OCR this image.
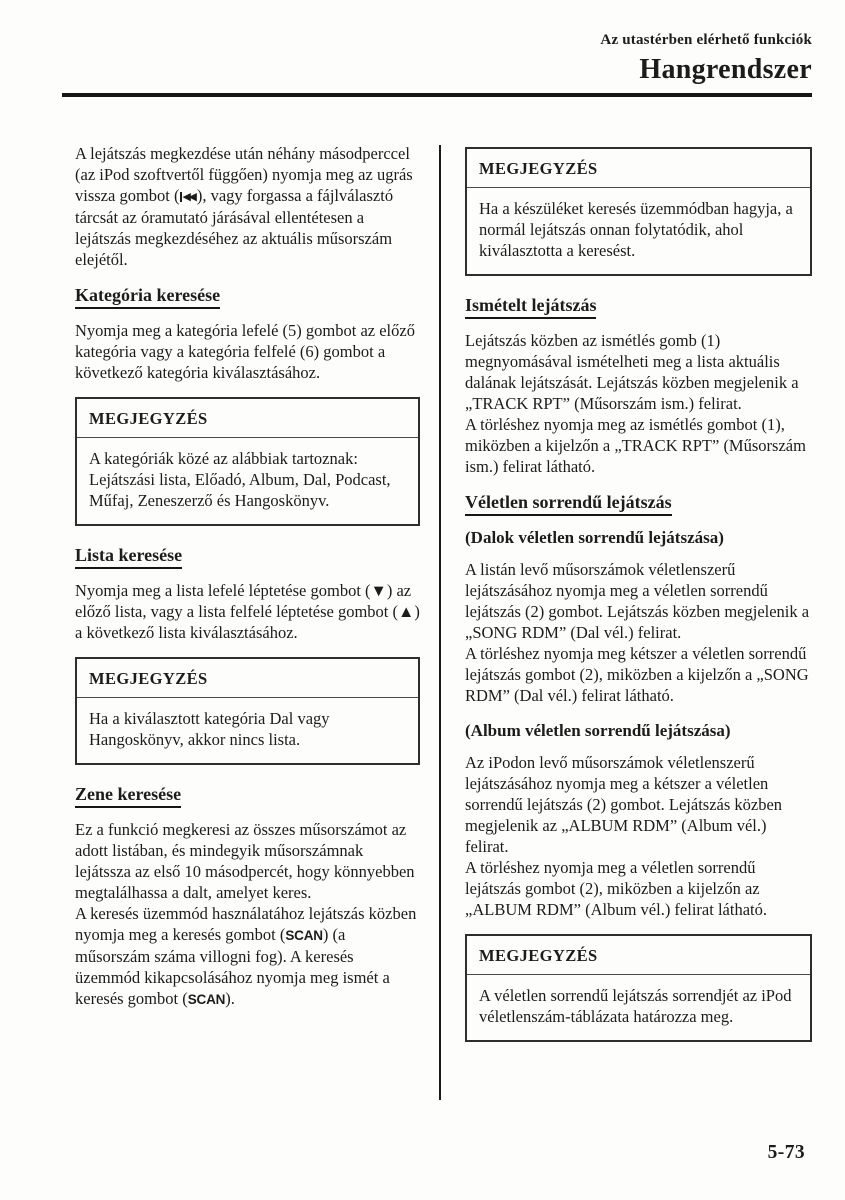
Az utastérben elérhető funkciók
Hangrendszer
A lejátszás megkezdése után néhány másodperccel (az iPod szoftvertől függően) nyomja meg az ugrás vissza gombot ( ◀◀ ), vagy forgassa a fájlválasztó tárcsát az óramutató járásával ellentétesen a lejátszás megkezdéséhez az aktuális műsorszám elejétől.
Kategória keresése
Nyomja meg a kategória lefelé (5) gombot az előző kategória vagy a kategória felfelé (6) gombot a következő kategória kiválasztásához.
MEGJEGYZÉS
A kategóriák közé az alábbiak tartoznak: Lejátszási lista, Előadó, Album, Dal, Podcast, Műfaj, Zeneszerző és Hangoskönyv.
Lista keresése
Nyomja meg a lista lefelé léptetése gombot (▼) az előző lista, vagy a lista felfelé léptetése gombot (▲) a következő lista kiválasztásához.
MEGJEGYZÉS
Ha a kiválasztott kategória Dal vagy Hangoskönyv, akkor nincs lista.
Zene keresése
Ez a funkció megkeresi az összes műsorszámot az adott listában, és mindegyik műsorszámnak lejátssza az első 10 másodpercét, hogy könnyebben megtalálhassa a dalt, amelyet keres.
A keresés üzemmód használatához lejátszás közben nyomja meg a keresés gombot (SCAN) (a műsorszám száma villogni fog). A keresés üzemmód kikapcsolásához nyomja meg ismét a keresés gombot (SCAN).
MEGJEGYZÉS
Ha a készüléket keresés üzemmódban hagyja, a normál lejátszás onnan folytatódik, ahol kiválasztotta a keresést.
Ismételt lejátszás
Lejátszás közben az ismétlés gomb (1) megnyomásával ismételheti meg a lista aktuális dalának lejátszását. Lejátszás közben megjelenik a „TRACK RPT” (Műsorszám ism.) felirat.
A törléshez nyomja meg az ismétlés gombot (1), miközben a kijelzőn a „TRACK RPT” (Műsorszám ism.) felirat látható.
Véletlen sorrendű lejátszás
(Dalok véletlen sorrendű lejátszása)
A listán levő műsorszámok véletlenszerű lejátszásához nyomja meg a véletlen sorrendű lejátszás (2) gombot. Lejátszás közben megjelenik a „SONG RDM” (Dal vél.) felirat.
A törléshez nyomja meg kétszer a véletlen sorrendű lejátszás gombot (2), miközben a kijelzőn a „SONG RDM” (Dal vél.) felirat látható.
(Album véletlen sorrendű lejátszása)
Az iPodon levő műsorszámok véletlenszerű lejátszásához nyomja meg a kétszer a véletlen sorrendű lejátszás (2) gombot. Lejátszás közben megjelenik az „ALBUM RDM” (Album vél.) felirat.
A törléshez nyomja meg a véletlen sorrendű lejátszás gombot (2), miközben a kijelzőn az „ALBUM RDM” (Album vél.) felirat látható.
MEGJEGYZÉS
A véletlen sorrendű lejátszás sorrendjét az iPod véletlenszám-táblázata határozza meg.
5-73
